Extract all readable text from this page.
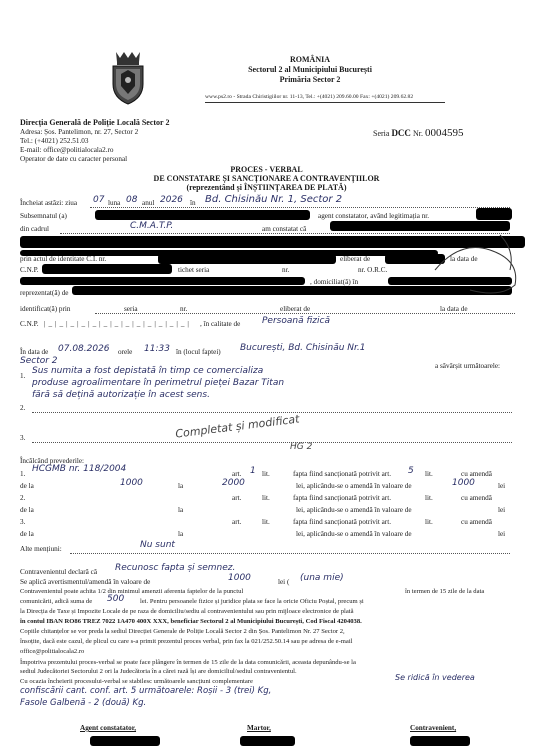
ROMÂNIA
Sectorul 2 al Municipiului București
Primăria Sector 2
www.ps2.ro - Strada Chiristigiilor nr. 11-13, Tel.: +(4021) 209.60.00 Fax: +(4021) 209.62.82
Direcția Generală de Poliție Locală Sector 2
Adresa: Șos. Pantelimon, nr. 27, Sector 2
Tel.: (+4021) 252.51.03
E-mail: office@politialocala2.ro
Operator de date cu caracter personal
Seria DCC Nr. 0004595
PROCES - VERBAL
DE CONSTATARE ȘI SANCȚIONARE A CONTRAVENȚIILOR
(reprezentând și ÎNȘTIINȚAREA DE PLATĂ)
Încheiat astăzi: ziua 07 luna 08 anul 2026 în Bd. Chisinău Nr. 1, Sector 2
Subsemnatul (a)	agent constatator, având legitimația nr.
din cadrul	C.M.A.T.P.	am constatat că
prin actul de identitate C.I. nr.	eliberat de	la data de
C.N.P.	tichet seria	nr.	nr. O.R.C.
, domiciliat(ă) în
reprezentat(ă) de
identificat(ă) prin	seria	nr.	eliberat de	la data de
C.N.P. |_|_|_|_|_|_|_|_|_|_|_|_|_| , în calitate de Persoană fizică
În data de 07.08.2026 orele 11:33 în (locul faptei) București, Bd. Chisinău Nr.1
Sector 2	a săvârșit următoarele:
1. Sus numita a fost depistată în timp ce comercializa
produse agroalimentare în perimetrul pieței Bazar Titan
fără să dețină autorizație în acest sens.
2.
3.	Completat și modificat
HG 2
Încălcând prevederile:
1. HCGMB nr. 118/2004	art. 1 lit.	fapta fiind sancționată potrivit art. 5 lit.	cu amendă
de la	1000	la	2000	lei, aplicându-se o amendă în valoare de	1000	lei
2.	art.	lit.	fapta fiind sancționată potrivit art.	lit.	cu amendă
de la	la	lei, aplicându-se o amendă în valoare de	lei
3.	art.	lit.	fapta fiind sancționată potrivit art.	lit.	cu amendă
de la	la	lei, aplicându-se o amendă în valoare de	lei
Alte mențiuni:	Nu sunt
Contravenientul declară că Recunosc fapta și semnez.
Se aplică avertismentul/amendă în valoare de	1000	lei ( (una mie)
Contravenientul poate achita 1/2 din minimul amenzii aferenta faptelor de la punctul	în termen de 15 zile de la data
comunicării, adică suma de 500 lei. Pentru persoanele fizice și juridice plata se face la oricie Oficiu Poștal, precum și
la Direcția de Taxe și Impozite Locale de pe raza de domiciliu/sediu al contravenientului sau prin mijloace electronice de plată
în contul IBAN RO86 TREZ 7022 1A470 400X XXX, beneficiar Sectorul 2 al Municipiului București, Cod Fiscal 4204038.
Copiile chitanțelor se vor preda la sediul Direcției Generale de Poliție Locală Sector 2 din Șos. Pantelimon Nr. 27 Sector 2,
însoțite, dacă este cazul, de plicul cu care s-a primit prezentul proces verbal, prin fax la 021/252.50.14 sau pe adresa de e-mail
office@politialocala2.ro
Împotriva prezentului proces-verbal se poate face plângere în termen de 15 zile de la data comunicării, aceasta depunându-se la
sediul Judecătoriei Sectorului 2 ori la Judecătoria în a cărei rază își are domiciliul/sediul contravenientul.
Cu ocazia încheierii procesului-verbal se stabilesc următoarele sancțiuni complementare	Se ridică în vederea
confiscării cant. conf. art. 5 următoarele: Roșii - 3 (trei) Kg,
Fasole Galbenă - 2 (două) Kg.
Agent constatator,	Martor,	Contravenient,
